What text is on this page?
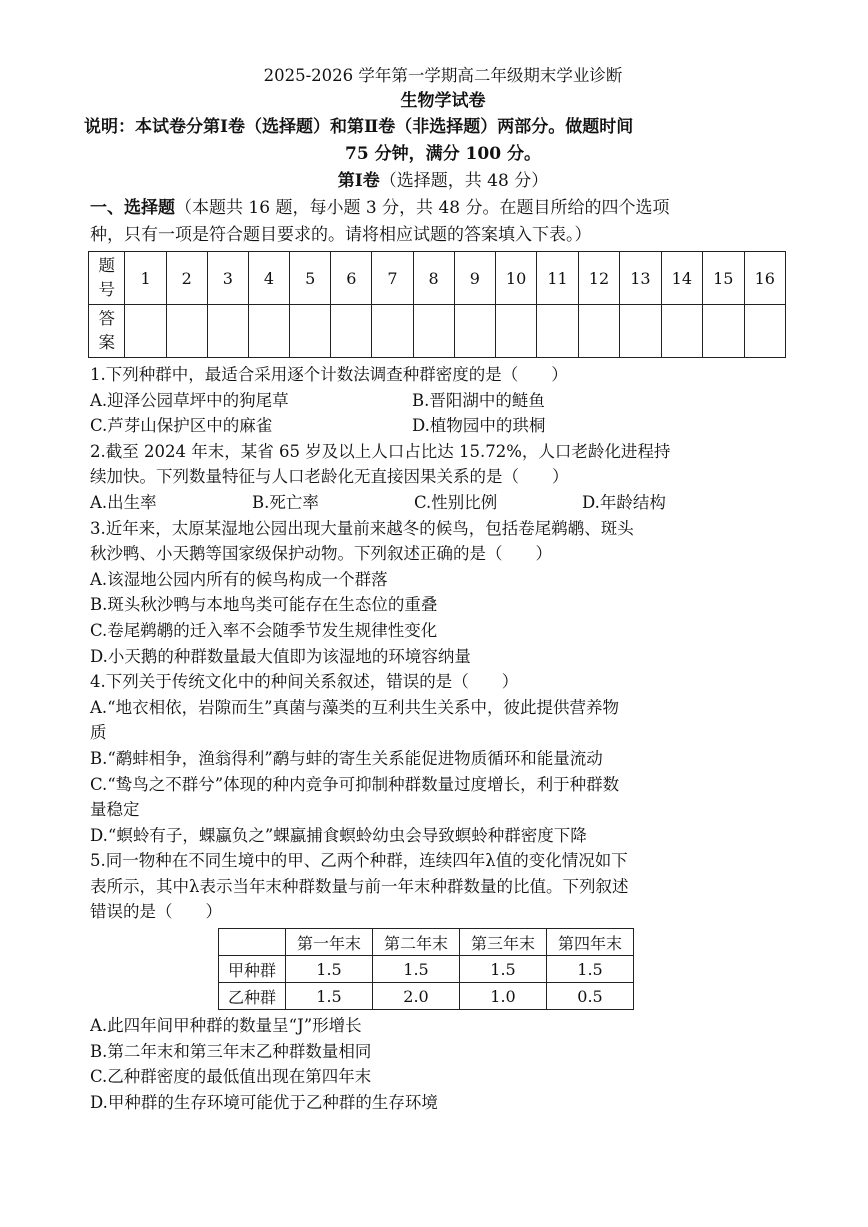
2025-2026 学年第一学期高二年级期末学业诊断
生物学试卷
说明：本试卷分第Ⅰ卷（选择题）和第Ⅱ卷（非选择题）两部分。做题时间
75 分钟，满分 100 分。
第Ⅰ卷（选择题，共 48 分）
一、选择题（本题共 16 题，每小题 3 分，共 48 分。在题目所给的四个选项
种，只有一项是符合题目要求的。请将相应试题的答案填入下表。）
题
号	1	2	3	4	5	6	7	8	9	10	11	12	13	14	15	16
答
案																

1.下列种群中，最适合采用逐个计数法调查种群密度的是（　　）

A.迎泽公园草坪中的狗尾草	B.晋阳湖中的鲢鱼
C.芦芽山保护区中的麻雀	D.植物园中的珙桐

2.截至 2024 年末，某省 65 岁及以上人口占比达 15.72%，人口老龄化进程持

续加快。下列数量特征与人口老龄化无直接因果关系的是（　　）

A.出生率	B.死亡率	C.性别比例	D.年龄结构

3.近年来，太原某湿地公园出现大量前来越冬的候鸟，包括卷尾鹈鹕、斑头

秋沙鸭、小天鹅等国家级保护动物。下列叙述正确的是（　　）

A.该湿地公园内所有的候鸟构成一个群落

B.斑头秋沙鸭与本地鸟类可能存在生态位的重叠

C.卷尾鹈鹕的迁入率不会随季节发生规律性变化

D.小天鹅的种群数量最大值即为该湿地的环境容纳量

4.下列关于传统文化中的种间关系叙述，错误的是（　　）

A.“地衣相依，岩隙而生”真菌与藻类的互利共生关系中，彼此提供营养物

质

B.“鹬蚌相争，渔翁得利”鹬与蚌的寄生关系能促进物质循环和能量流动

C.“鸷鸟之不群兮”体现的种内竞争可抑制种群数量过度增长，利于种群数

量稳定

D.“螟蛉有子，蜾蠃负之”蜾蠃捕食螟蛉幼虫会导致螟蛉种群密度下降

5.同一物种在不同生境中的甲、乙两个种群，连续四年λ值的变化情况如下

表所示，其中λ表示当年末种群数量与前一年末种群数量的比值。下列叙述

错误的是（　　）

	第一年末	第二年末	第三年末	第四年末
甲种群	1.5	1.5	1.5	1.5
乙种群	1.5	2.0	1.0	0.5

A.此四年间甲种群的数量呈“J”形增长

B.第二年末和第三年末乙种群数量相同

C.乙种群密度的最低值出现在第四年末

D.甲种群的生存环境可能优于乙种群的生存环境
